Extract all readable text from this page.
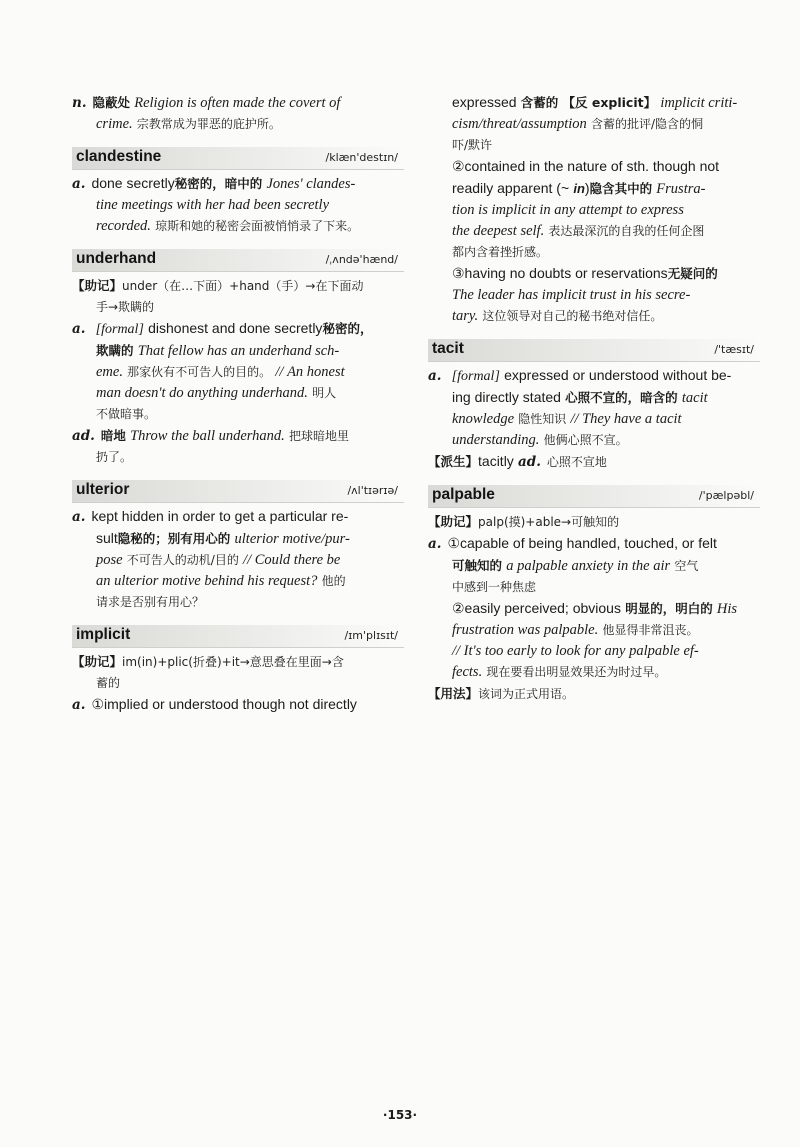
n. 隐蔽处 Religion is often made the covert of

crime. 宗教常成为罪恶的庇护所。

clandestine	/klæn'destɪn/

a. done secretly秘密的，暗中的 Jones' clandes-

tine meetings with her had been secretly

recorded. 琼斯和她的秘密会面被悄悄录了下来。

underhand	/ˌʌndə'hænd/

【助记】under（在…下面）+hand（手）→在下面动

手→欺瞒的

a. [formal] dishonest and done secretly秘密的，

欺瞒的 That fellow has an underhand sch-

eme. 那家伙有不可告人的目的。 // An honest

man doesn't do anything underhand. 明人

不做暗事。

ad. 暗地 Throw the ball underhand. 把球暗地里

扔了。

ulterior	/ʌl'tɪərɪə/

a. kept hidden in order to get a particular re-

sult隐秘的；别有用心的 ulterior motive/pur-

pose 不可告人的动机/目的 // Could there be

an ulterior motive behind his request? 他的

请求是否别有用心？

implicit	/ɪm'plɪsɪt/

【助记】im(in)+plic(折叠)+it→意思叠在里面→含

蓄的

a. ①implied or understood though not directly

expressed 含蓄的 【反 explicit】 implicit criti-

cism/threat/assumption 含蓄的批评/隐含的恫

吓/默许

②contained in the nature of sth. though not

readily apparent (~ in)隐含其中的 Frustra-

tion is implicit in any attempt to express

the deepest self. 表达最深沉的自我的任何企图

都内含着挫折感。

③having no doubts or reservations无疑问的

The leader has implicit trust in his secre-

tary. 这位领导对自己的秘书绝对信任。

tacit	/'tæsɪt/

a. [formal] expressed or understood without be-

ing directly stated 心照不宣的，暗含的 tacit

knowledge 隐性知识 // They have a tacit

understanding. 他俩心照不宣。

【派生】tacitly ad. 心照不宣地

palpable	/'pælpəbl/

【助记】palp(摸)+able→可触知的

a. ①capable of being handled, touched, or felt

可触知的 a palpable anxiety in the air 空气

中感到一种焦虑

②easily perceived; obvious 明显的，明白的 His

frustration was palpable. 他显得非常沮丧。

// It's too early to look for any palpable ef-

fects. 现在要看出明显效果还为时过早。

【用法】该词为正式用语。

·153·
